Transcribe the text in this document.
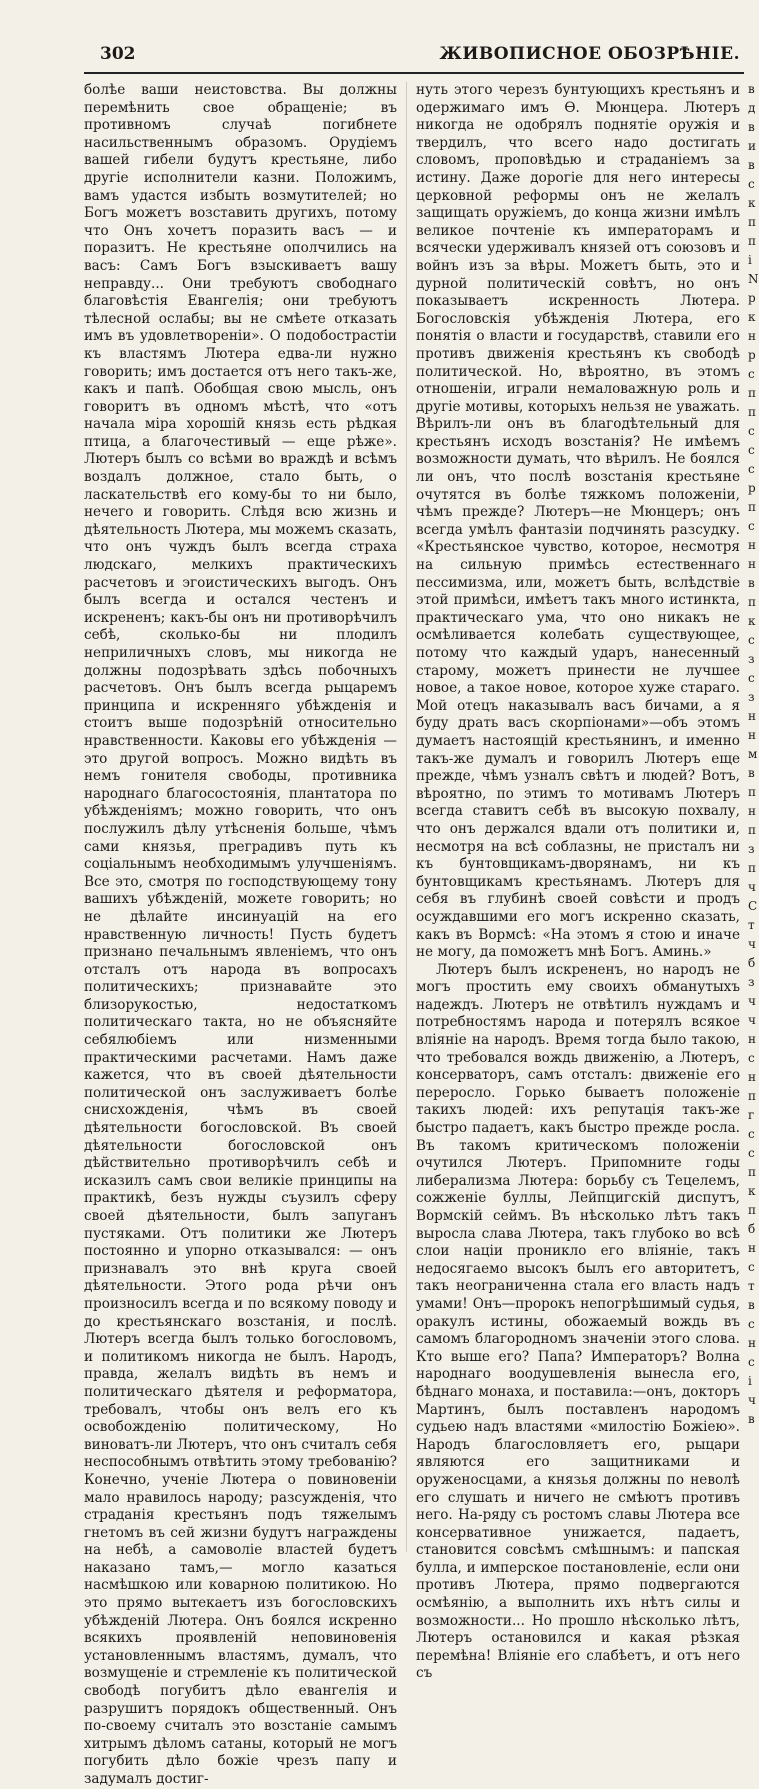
302	ЖИВОПИСНОЕ ОБОЗРѢНІЕ.

болѣе ваши неистовства. Вы должны перемѣнить свое обращеніе; въ противномъ случаѣ погибнете насильственнымъ образомъ. Орудіемъ вашей гибели будутъ крестьяне, либо другіе исполнители казни. Положимъ, вамъ удастся избыть возмутителей; но Богъ можетъ возставить другихъ, потому что Онъ хочетъ поразить васъ — и поразитъ. Не крестьяне ополчились на васъ: Самъ Богъ взыскиваетъ вашу неправду... Они требуютъ свободнаго благовѣстія Евангелія; они требуютъ тѣлесной ослабы; вы не смѣете отказать имъ въ удовлетвореніи». О подобострастіи къ властямъ Лютера едва-ли нужно говорить; имъ достается отъ него такъ-же, какъ и папѣ. Обобщая свою мысль, онъ говоритъ въ одномъ мѣстѣ, что «отъ начала міра хорошій князь есть рѣдкая птица, а благочестивый — еще рѣже». Лютеръ былъ со всѣми во враждѣ и всѣмъ воздалъ должное, стало быть, о ласкательствѣ его кому-бы то ни было, нечего и говорить. Слѣдя всю жизнь и дѣятельность Лютера, мы можемъ сказать, что онъ чуждъ былъ всегда страха людскаго, мелкихъ практическихъ расчетовъ и эгоистическихъ выгодъ. Онъ былъ всегда и остался честенъ и искрененъ; какъ-бы онъ ни противорѣчилъ себѣ, сколько-бы ни плодилъ неприличныхъ словъ, мы никогда не должны подозрѣвать здѣсь побочныхъ расчетовъ. Онъ былъ всегда рыцаремъ принципа и искренняго убѣжденія и стоитъ выше подозрѣній относительно нравственности. Каковы его убѣжденія — это другой вопросъ. Можно видѣть въ немъ гонителя свободы, противника народнаго благосостоянія, плантатора по убѣжденіямъ; можно говорить, что онъ послужилъ дѣлу утѣсненія больше, чѣмъ сами князья, преградивъ путь къ соціальнымъ необходимымъ улучшеніямъ. Все это, смотря по господствующему тону вашихъ убѣжденій, можете говорить; но не дѣлайте инсинуацій на его нравственную личность! Пусть будетъ признано печальнымъ явленіемъ, что онъ отсталъ отъ народа въ вопросахъ политическихъ; признавайте это близорукостью, недостаткомъ политическаго такта, но не объясняйте себялюбіемъ или низменными практическими расчетами. Намъ даже кажется, что въ своей дѣятельности политической онъ заслуживаетъ болѣе снисхожденія, чѣмъ въ своей дѣятельности богословской. Въ своей дѣятельности богословской онъ дѣйствительно противорѣчилъ себѣ и исказилъ самъ свои великіе принципы на практикѣ, безъ нужды съузилъ сферу своей дѣятельности, былъ запуганъ пустяками. Отъ политики же Лютеръ постоянно и упорно отказывался: — онъ признавалъ это внѣ круга своей дѣятельности. Этого рода рѣчи онъ произносилъ всегда и по всякому поводу и до крестьянскаго возстанія, и послѣ. Лютеръ всегда былъ только богословомъ, и политикомъ никогда не былъ. Народъ, правда, желалъ видѣть въ немъ и политическаго дѣятеля и реформатора, требовалъ, чтобы онъ велъ его къ освобожденію политическому, Но виноватъ-ли Лютеръ, что онъ считалъ себя неспособнымъ отвѣтить этому требованію? Конечно, ученіе Лютера о повиновеніи мало нравилось народу; разсужденія, что страданія крестьянъ подъ тяжелымъ гнетомъ въ сей жизни будутъ награждены на небѣ, а самоволіе властей будетъ наказано тамъ,— могло казаться насмѣшкою или коварною политикою. Но это прямо вытекаетъ изъ богословскихъ убѣжденій Лютера. Онъ боялся искренно всякихъ проявленій неповиновенія установленнымъ властямъ, думалъ, что возмущеніе и стремленіе къ политической свободѣ погубитъ дѣло евангелія и разрушитъ порядокъ общественный. Онъ по-своему считалъ это возстаніе самымъ хитрымъ дѣломъ сатаны, который не могъ погубить дѣло божіе чрезъ папу и задумалъ достиг-

нуть этого черезъ бунтующихъ крестьянъ и одержимаго имъ Ѳ. Мюнцера. Лютеръ никогда не одобрялъ поднятіе оружія и твердилъ, что всего надо достигать словомъ, проповѣдью и страданіемъ за истину. Даже дорогіе для него интересы церковной реформы онъ не желалъ защищать оружіемъ, до конца жизни имѣлъ великое почтеніе къ императорамъ и всячески удерживалъ князей отъ союзовъ и войнъ изъ за вѣры. Можетъ быть, это и дурной политическій совѣтъ, но онъ показываетъ искренность Лютера. Богословскія убѣжденія Лютера, его понятія о власти и государствѣ, ставили его противъ движенія крестьянъ къ свободѣ политической. Но, вѣроятно, въ этомъ отношеніи, играли немаловажную роль и другіе мотивы, которыхъ нельзя не уважать. Вѣрилъ-ли онъ въ благодѣтельный для крестьянъ исходъ возстанія? Не имѣемъ возможности думать, что вѣрилъ. Не боялся ли онъ, что послѣ возстанія крестьяне очутятся въ болѣе тяжкомъ положеніи, чѣмъ прежде? Лютеръ—не Мюнцеръ; онъ всегда умѣлъ фантазіи подчинять разсудку. «Крестьянское чувство, которое, несмотря на сильную примѣсь естественнаго пессимизма, или, можетъ быть, вслѣдствіе этой примѣси, имѣетъ такъ много истинкта, практическаго ума, что оно никакъ не осмѣливается колебать существующее, потому что каждый ударъ, нанесенный старому, можетъ принести не лучшее новое, а такое новое, которое хуже стараго. Мой отецъ наказывалъ васъ бичами, а я буду драть васъ скорпіонами»—объ этомъ думаетъ настоящій крестьянинъ, и именно такъ-же думалъ и говорилъ Лютеръ еще прежде, чѣмъ узналъ свѣтъ и людей? Вотъ, вѣроятно, по этимъ то мотивамъ Лютеръ всегда ставитъ себѣ въ высокую похвалу, что онъ держался вдали отъ политики и, несмотря на всѣ соблазны, не присталъ ни къ бунтовщикамъ-дворянамъ, ни къ бунтовщикамъ крестьянамъ. Лютеръ для себя въ глубинѣ своей совѣсти и продъ осуждавшими его могъ искренно сказать, какъ въ Вормсѣ: «На этомъ я стою и иначе не могу, да поможетъ мнѣ Богъ. Аминь.»

Лютеръ былъ искрененъ, но народъ не могъ простить ему своихъ обманутыхъ надеждъ. Лютеръ не отвѣтилъ нуждамъ и потребностямъ народа и потерялъ всякое вліяніе на народъ. Время тогда было такою, что требовался вождь движенію, а Лютеръ, консерваторъ, самъ отсталъ: движеніе его переросло. Горько бываетъ положеніе такихъ людей: ихъ репутація такъ-же быстро падаетъ, какъ быстро прежде росла. Въ такомъ критическомъ положеніи очутился Лютеръ. Припомните годы либерализма Лютера: борьбу съ Тецелемъ, сожженіе буллы, Лейпцигскій диспутъ, Вормскій сеймъ. Въ нѣсколько лѣтъ такъ выросла слава Лютера, такъ глубоко во всѣ слои націи проникло его вліяніе, такъ недосягаемо высокъ былъ его авторитетъ, такъ неограниченна стала его власть надъ умами! Онъ—пророкъ непогрѣшимый судья, оракулъ истины, обожаемый вождь въ самомъ благородномъ значеніи этого слова. Кто выше его? Папа? Императоръ? Волна народнаго воодушевленія вынесла его, бѣднаго монаха, и поставила:—онъ, докторъ Мартинъ, былъ поставленъ народомъ судьею надъ властями «милостію Божіею». Народъ благословляетъ его, рыцари являются его защитниками и оруженосцами, а князья должны по неволѣ его слушать и ничего не смѣютъ противъ него. На-ряду съ ростомъ славы Лютера все консервативное унижается, падаетъ, становится совсѣмъ смѣшнымъ: и папская булла, и имперское постановленіе, если они противъ Лютера, прямо подвергаются осмѣянію, а выполнить ихъ нѣтъ силы и возможности... Но прошло нѣсколько лѣтъ, Лютеръ остановился и какая рѣзкая перемѣна! Вліяніе его слабѣетъ, и отъ него съ

в
д
в
и
в
с
к
п
п
і
N
р
к
н
р
с
п
п
с
с
с
р
п
с
н
н
в
п
к
с
з
с
з
н
н
м
в
п
н
п
з
п
ч
C
т
ч
б
з
ч
ч
н
с
н
п
г
с
с
п
к
п
б
н
с
т
в
с
н
с
і
ч
в
